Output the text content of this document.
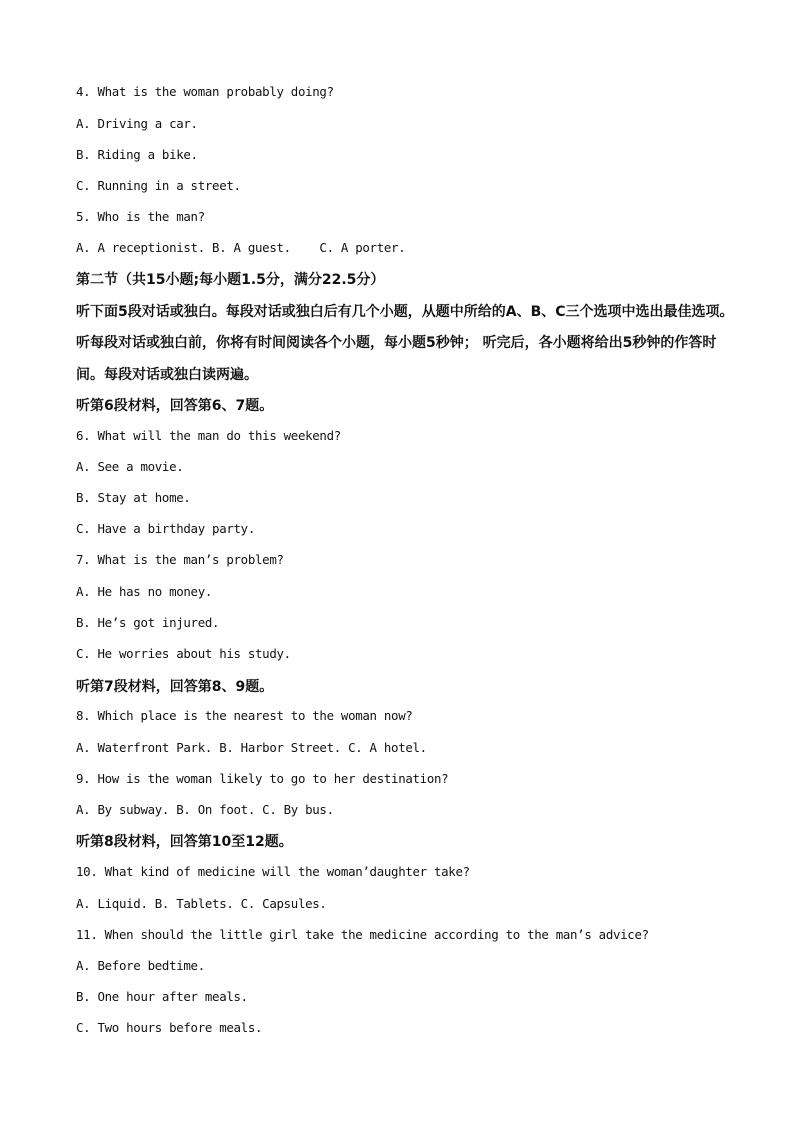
4. What is the woman probably doing?
A. Driving a car.
B. Riding a bike.
C. Running in a street.
5. Who is the man?
A. A receptionist. B. A guest.    C. A porter.
第二节（共15小题;每小题1.5分，满分22.5分）
听下面5段对话或独白。每段对话或独白后有几个小题，从题中所给的A、B、C三个选项中选出最佳选项。
听每段对话或独白前，你将有时间阅读各个小题，每小题5秒钟； 听完后，各小题将给出5秒钟的作答时
间。每段对话或独白读两遍。
听第6段材料，回答第6、7题。
6. What will the man do this weekend?
A. See a movie.
B. Stay at home.
C. Have a birthday party.
7. What is the man’s problem?
A. He has no money.
B. He’s got injured.
C. He worries about his study.
听第7段材料，回答第8、9题。
8. Which place is the nearest to the woman now?
A. Waterfront Park. B. Harbor Street. C. A hotel.
9. How is the woman likely to go to her destination?
A. By subway. B. On foot. C. By bus.
听第8段材料，回答第10至12题。
10. What kind of medicine will the woman’daughter take?
A. Liquid. B. Tablets. C. Capsules.
11. When should the little girl take the medicine according to the man’s advice?
A. Before bedtime.
B. One hour after meals.
C. Two hours before meals.
